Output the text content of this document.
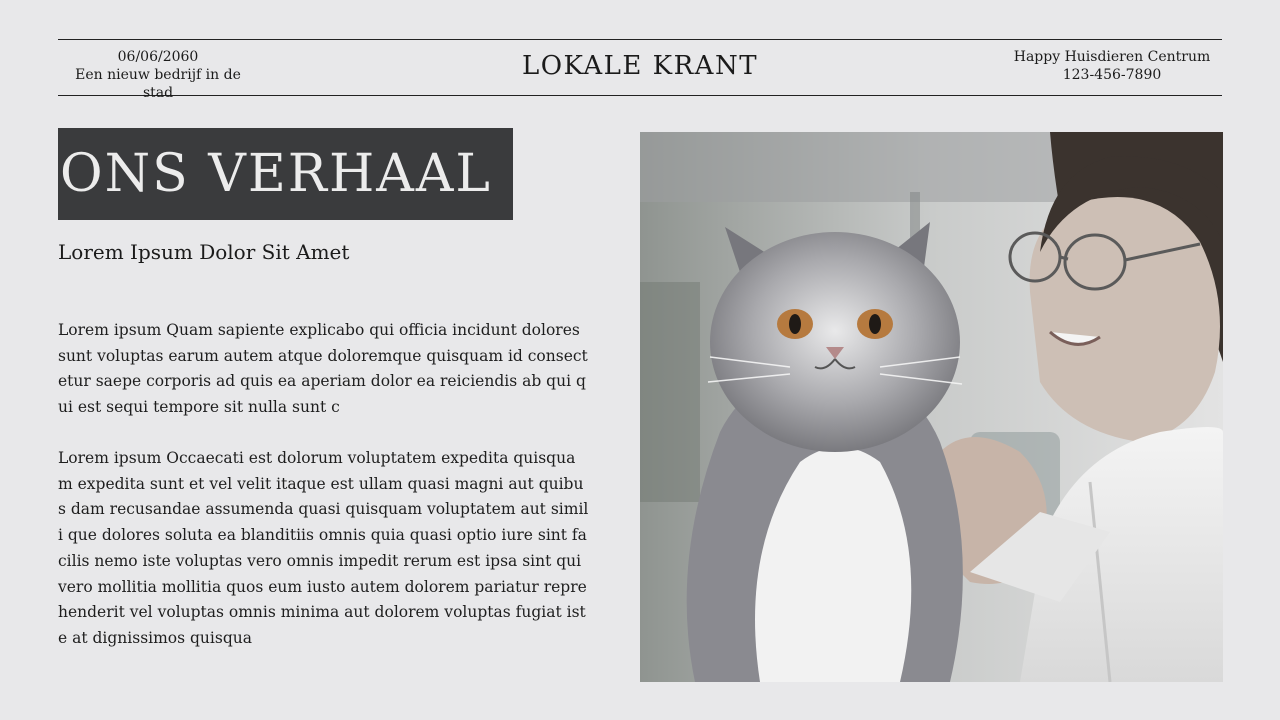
06/06/2060
Een nieuw bedrijf in de stad
LOKALE KRANT	Happy Huisdieren Centrum
123-456-7890
ONS VERHAAL
Lorem Ipsum Dolor Sit Amet
Lorem ipsum Quam sapiente explicabo qui officia incidunt dolores sunt voluptas earum autem atque doloremque quisquam id consectetur saepe corporis ad quis ea aperiam dolor ea reiciendis ab qui qui est sequi tempore sit nulla sunt c
Lorem ipsum Occaecati est dolorum voluptatem expedita quisquam expedita sunt et vel velit itaque est ullam quasi magni aut quibus dam recusandae assumenda quasi quisquam voluptatem aut simili que dolores soluta ea blanditiis omnis quia quasi optio iure sint facilis nemo iste voluptas vero omnis impedit rerum est ipsa sint qui vero mollitia mollitia quos eum iusto autem dolorem pariatur repre henderit vel voluptas omnis minima aut dolorem voluptas fugiat iste at dignissimos quisqua
